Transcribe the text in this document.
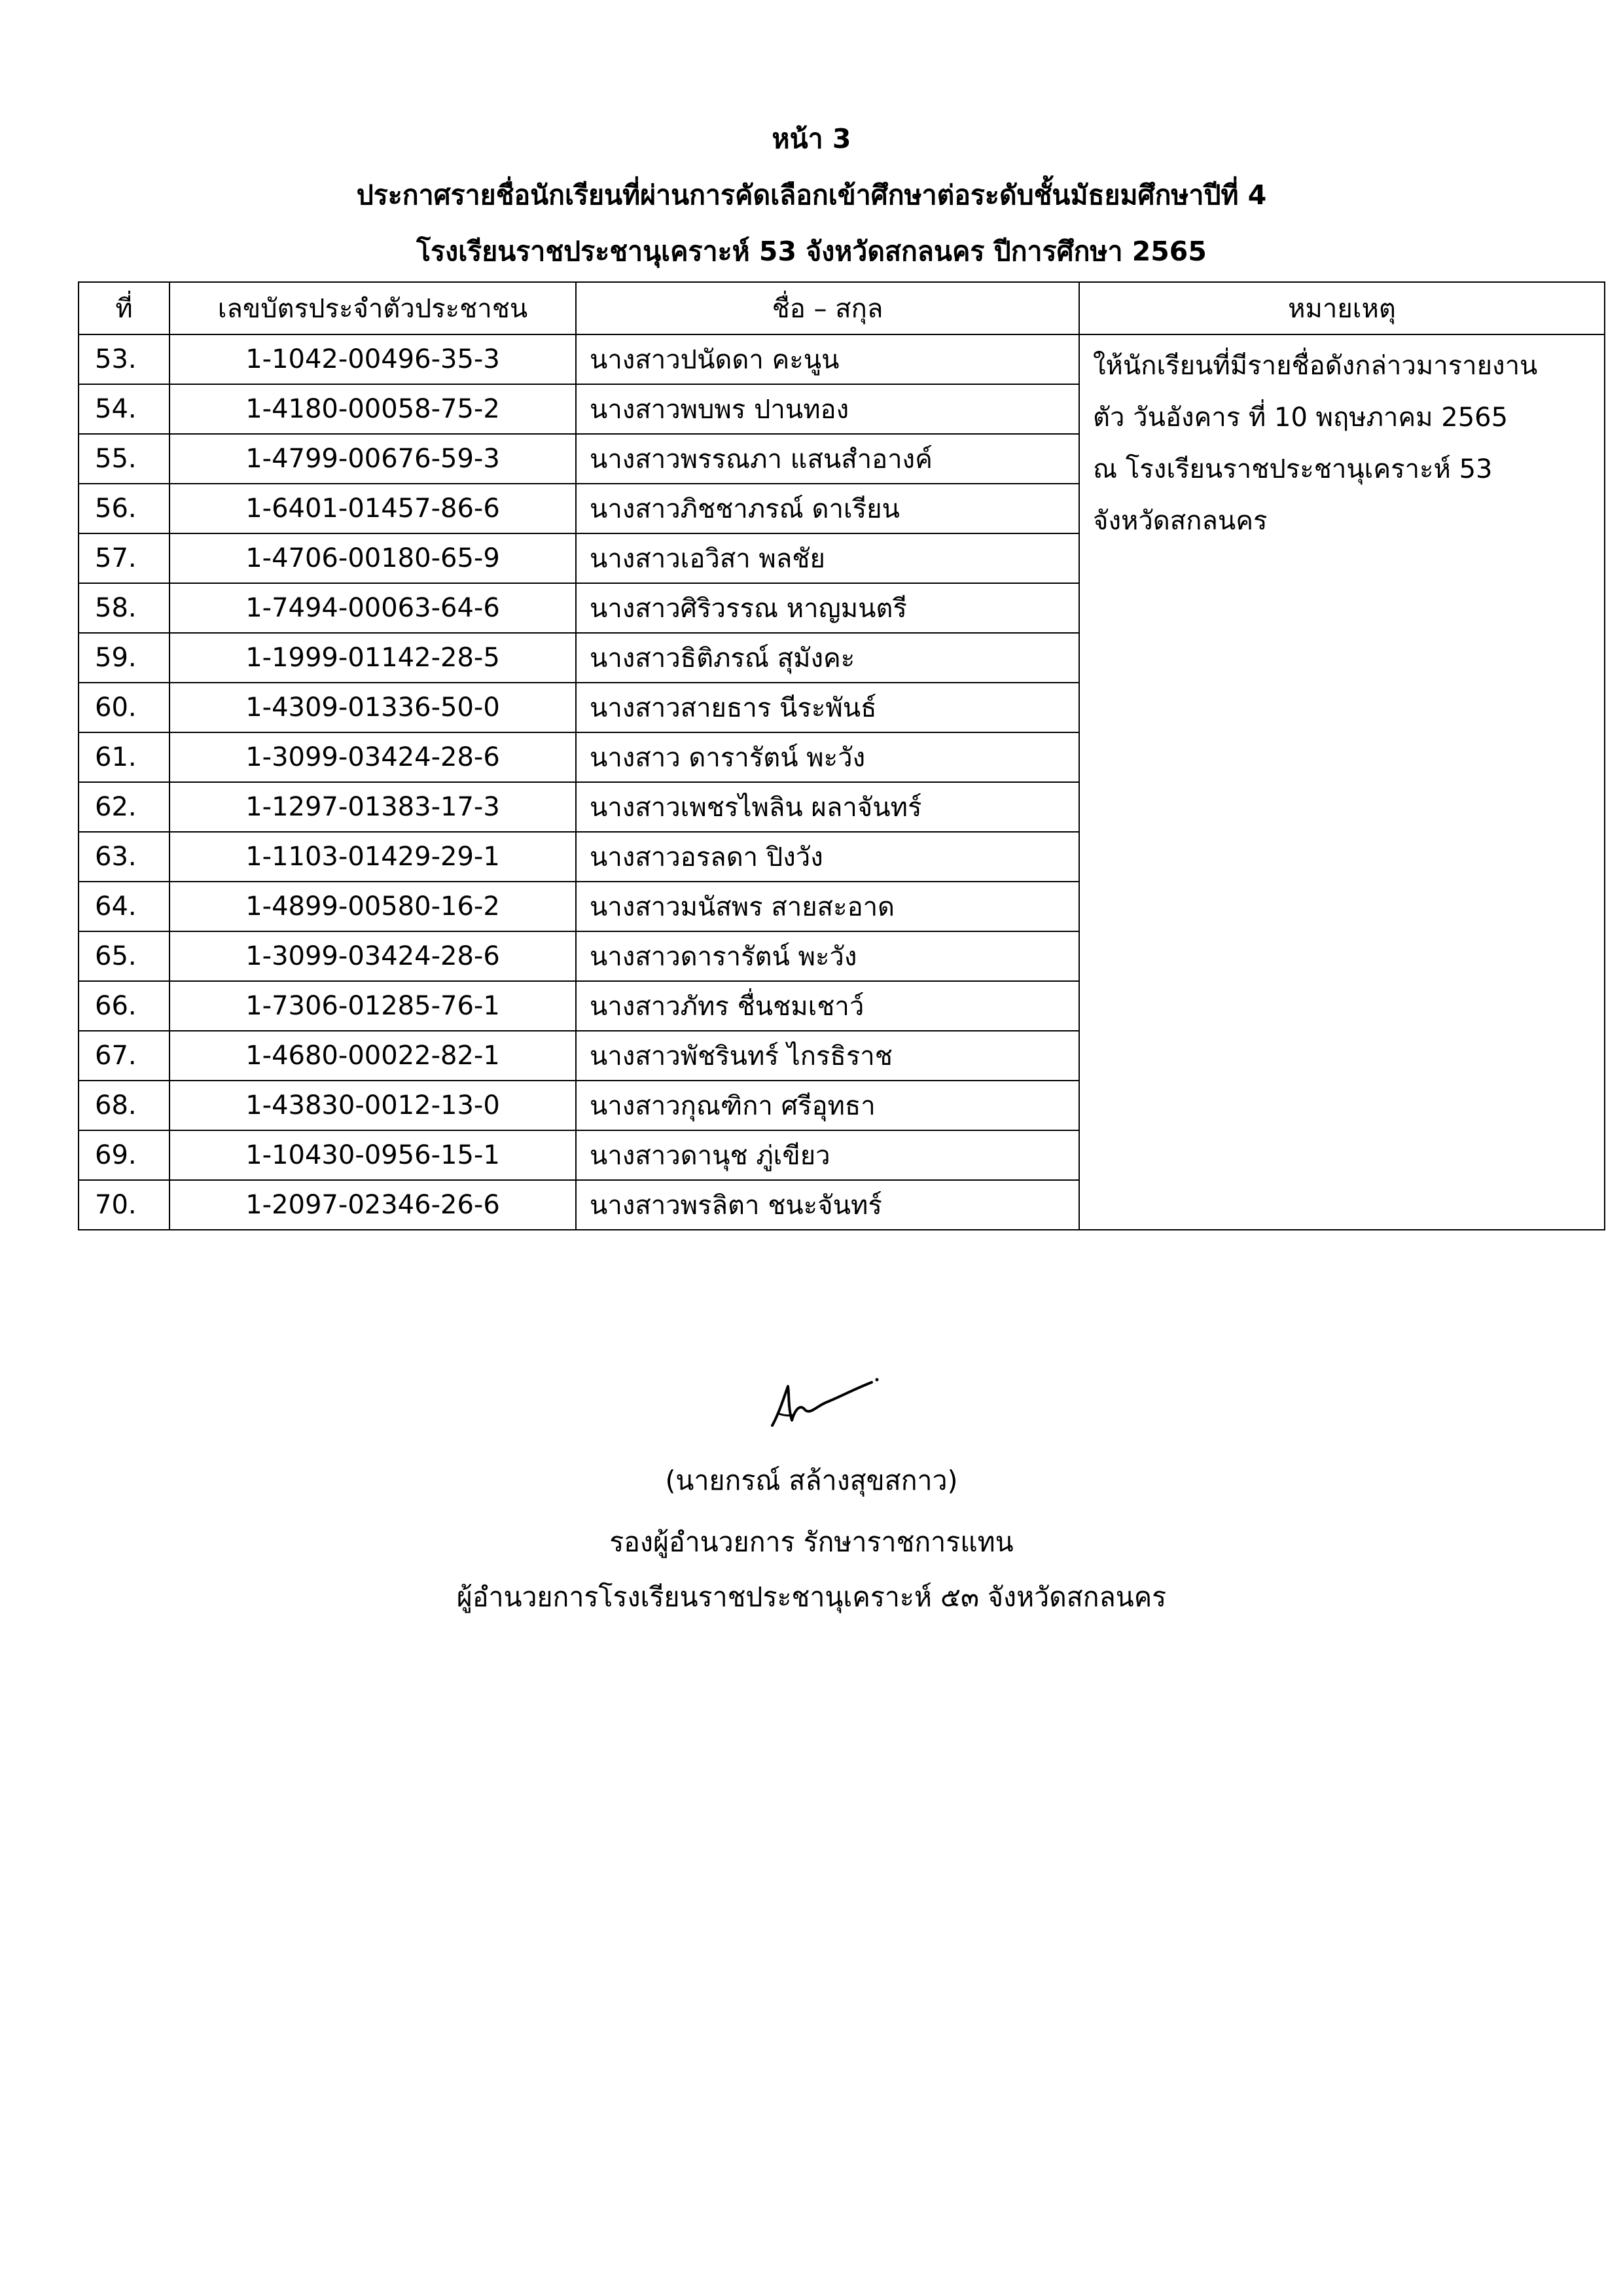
หน้า 3
ประกาศรายชื่อนักเรียนที่ผ่านการคัดเลือกเข้าศึกษาต่อระดับชั้นมัธยมศึกษาปีที่ 4
โรงเรียนราชประชานุเคราะห์ 53 จังหวัดสกลนคร ปีการศึกษา 2565
ที่	เลขบัตรประจำตัวประชาชน	ชื่อ – สกุล	หมายเหตุ
53.	1-1042-00496-35-3	นางสาวปนัดดา คะนูน	ให้นักเรียนที่มีรายชื่อดังกล่าวมารายงาน
ตัว วันอังคาร ที่ 10 พฤษภาคม 2565
ณ โรงเรียนราชประชานุเคราะห์ 53
จังหวัดสกลนคร

54.	1-4180-00058-75-2	นางสาวพบพร ปานทอง	
55.	1-4799-00676-59-3	นางสาวพรรณภา แสนสำอางค์	
56.	1-6401-01457-86-6	นางสาวภิชชาภรณ์ ดาเรียน	
57.	1-4706-00180-65-9	นางสาวเอวิสา พลชัย	
58.	1-7494-00063-64-6	นางสาวศิริวรรณ หาญมนตรี	
59.	1-1999-01142-28-5	นางสาวธิติภรณ์ สุมังคะ	
60.	1-4309-01336-50-0	นางสาวสายธาร นีระพันธ์	
61.	1-3099-03424-28-6	นางสาว ดารารัตน์ พะวัง	
62.	1-1297-01383-17-3	นางสาวเพชรไพลิน ผลาจันทร์	
63.	1-1103-01429-29-1	นางสาวอรลดา ปิงวัง	
64.	1-4899-00580-16-2	นางสาวมนัสพร สายสะอาด	
65.	1-3099-03424-28-6	นางสาวดารารัตน์ พะวัง	
66.	1-7306-01285-76-1	นางสาวภัทร ชื่นชมเชาว์	
67.	1-4680-00022-82-1	นางสาวพัชรินทร์ ไกรธิราช	
68.	1-43830-0012-13-0	นางสาวกุณฑิกา ศรีอุทธา	
69.	1-10430-0956-15-1	นางสาวดานุช ภู่เขียว	
70.	1-2097-02346-26-6	นางสาวพรลิตา ชนะจันทร์	
(นายกรณ์ สล้างสุขสกาว)
รองผู้อำนวยการ รักษาราชการแทน
ผู้อำนวยการโรงเรียนราชประชานุเคราะห์ ๕๓ จังหวัดสกลนคร
